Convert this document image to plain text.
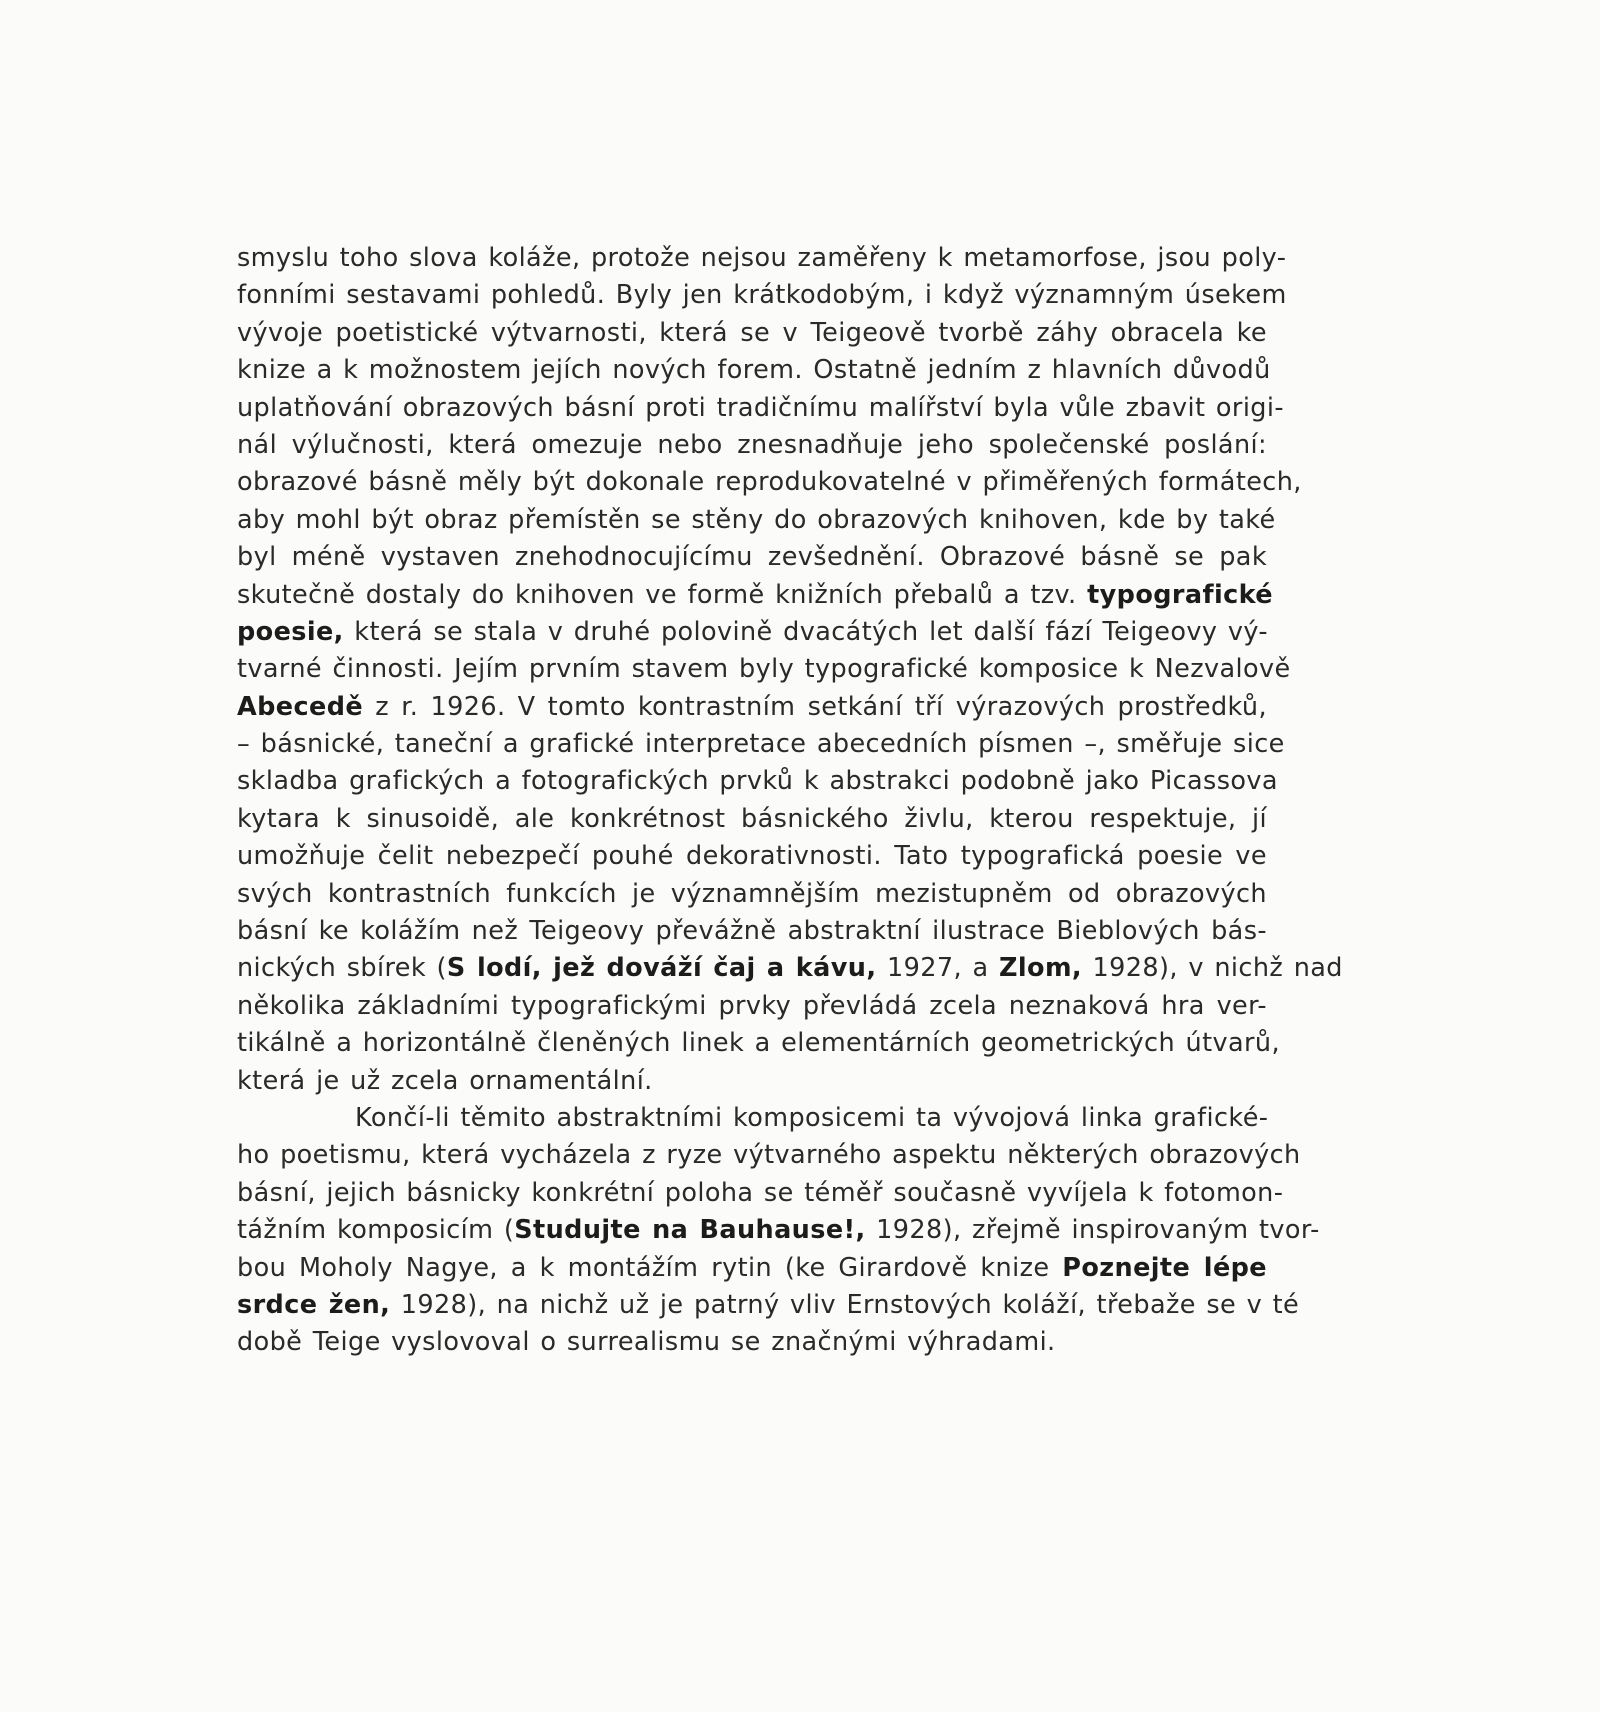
smyslu toho slova koláže, protože nejsou zaměřeny k metamorfose, jsou poly-
fonními sestavami pohledů. Byly jen krátkodobým, i když významným úsekem
vývoje poetistické výtvarnosti, která se v Teigeově tvorbě záhy obracela ke
knize a k možnostem jejích nových forem. Ostatně jedním z hlavních důvodů
uplatňování obrazových básní proti tradičnímu malířství byla vůle zbavit origi-
nál výlučnosti, která omezuje nebo znesnadňuje jeho společenské poslání:
obrazové básně měly být dokonale reprodukovatelné v přiměřených formátech,
aby mohl být obraz přemístěn se stěny do obrazových knihoven, kde by také
byl méně vystaven znehodnocujícímu zevšednění. Obrazové básně se pak
skutečně dostaly do knihoven ve formě knižních přebalů a tzv. typografické
poesie, která se stala v druhé polovině dvacátých let další fází Teigeovy vý-
tvarné činnosti. Jejím prvním stavem byly typografické komposice k Nezvalově
Abecedě z r. 1926. V tomto kontrastním setkání tří výrazových prostředků,
– básnické, taneční a grafické interpretace abecedních písmen –, směřuje sice
skladba grafických a fotografických prvků k abstrakci podobně jako Picassova
kytara k sinusoidě, ale konkrétnost básnického živlu, kterou respektuje, jí
umožňuje čelit nebezpečí pouhé dekorativnosti. Tato typografická poesie ve
svých kontrastních funkcích je významnějším mezistupněm od obrazových
básní ke kolážím než Teigeovy převážně abstraktní ilustrace Bieblových bás-
nických sbírek (S lodí, jež dováží čaj a kávu, 1927, a Zlom, 1928), v nichž nad
několika základními typografickými prvky převládá zcela neznaková hra ver-
tikálně a horizontálně členěných linek a elementárních geometrických útvarů,
která je už zcela ornamentální.
Končí-li těmito abstraktními komposicemi ta vývojová linka grafické-
ho poetismu, která vycházela z ryze výtvarného aspektu některých obrazových
básní, jejich básnicky konkrétní poloha se téměř současně vyvíjela k fotomon-
tážním komposicím (Studujte na Bauhause!, 1928), zřejmě inspirovaným tvor-
bou Moholy Nagye, a k montážím rytin (ke Girardově knize Poznejte lépe
srdce žen, 1928), na nichž už je patrný vliv Ernstových koláží, třebaže se v té
době Teige vyslovoval o surrealismu se značnými výhradami.
